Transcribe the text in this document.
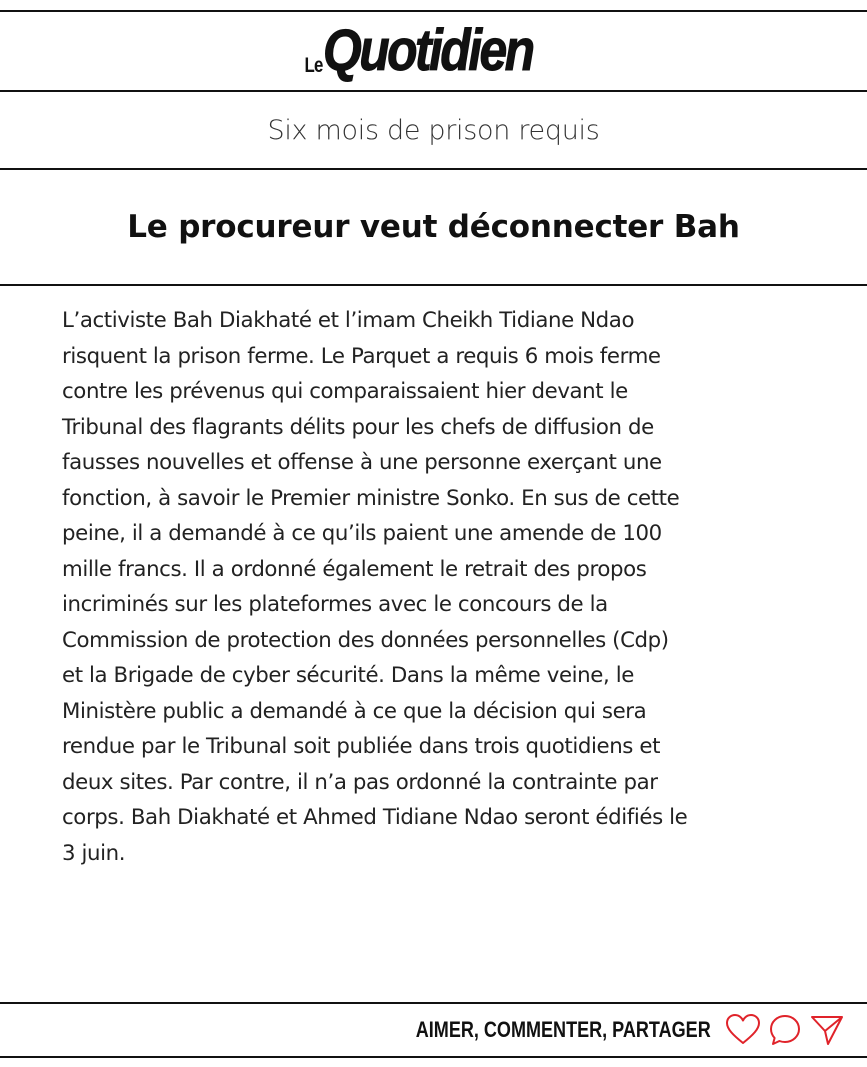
Le Quotidien
Six mois de prison requis
Le procureur veut déconnecter Bah

L’activiste Bah Diakhaté et l’imam Cheikh Tidiane Ndao
risquent la prison ferme. Le Parquet a requis 6 mois ferme
contre les prévenus qui comparaissaient hier devant le
Tribunal des flagrants délits pour les chefs de diffusion de
fausses nouvelles et offense à une personne exerçant une
fonction, à savoir le Premier ministre Sonko. En sus de cette
peine, il a demandé à ce qu’ils paient une amende de 100
mille francs. Il a ordonné également le retrait des propos
incriminés sur les plateformes avec le concours de la
Commission de protection des données personnelles (Cdp)
et la Brigade de cyber sécurité. Dans la même veine, le
Ministère public a demandé à ce que la décision qui sera
rendue par le Tribunal soit publiée dans trois quotidiens et
deux sites. Par contre, il n’a pas ordonné la contrainte par
corps. Bah Diakhaté et Ahmed Tidiane Ndao seront édifiés le
3 juin.

AIMER, COMMENTER, PARTAGER
